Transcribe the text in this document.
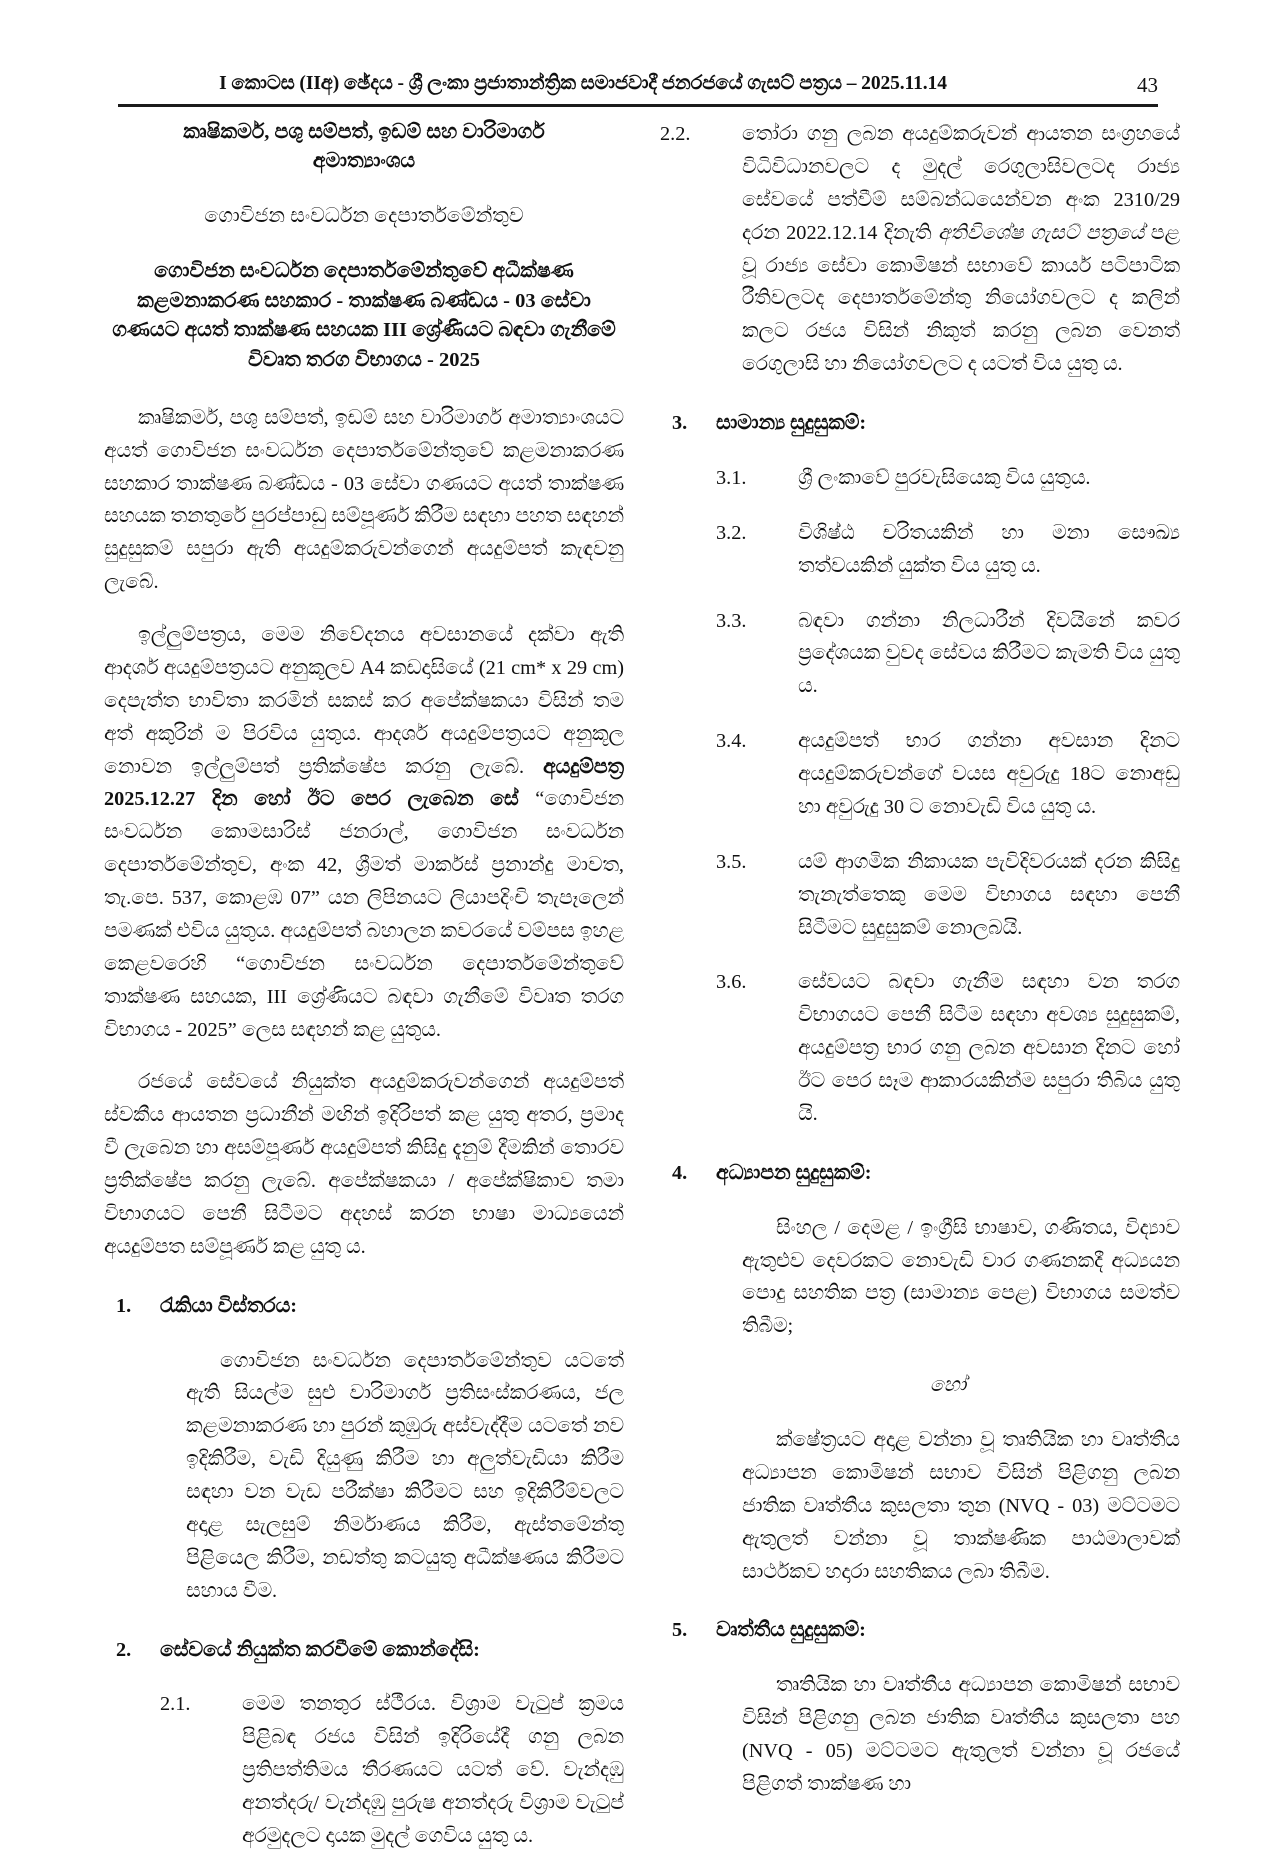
I කොටස (IIඅ) ඡේදය - ශ්‍රී ලංකා ප්‍රජාතාන්ත්‍රික සමාජවාදී ජනරජයේ ගැසට් පත්‍රය – 2025.11.14	43
කෘෂිකර්ම, පශු සම්පත්, ඉඩම් සහ වාරිමාර්ග අමාත්‍යාංශය
ගොවිජන සංවර්ධන දෙපාර්තමේන්තුව
ගොවිජන සංවර්ධන දෙපාර්තමේන්තුවේ අධීක්ෂණ කළමනාකරණ සහකාර - තාක්ෂණ බණ්ඩය - 03 සේවා ගණයට අයත් තාක්ෂණ සහයක III ශ්‍රේණියට බඳවා ගැනීමේ විවෘත තරග විභාගය - 2025

කෘෂිකර්ම, පශු සම්පත්, ඉඩම් සහ වාරිමාර්ග අමාත්‍යාංශයට අයත් ගොවිජන සංවර්ධන දෙපාර්තමේන්තුවේ කළමනාකරණ සහකාර තාක්ෂණ බණ්ඩය - 03 සේවා ගණයට අයත් තාක්ෂණ සහයක තනතුරේ පුරප්පාඩු සම්පූර්ණ කිරීම සඳහා පහත සඳහන් සුදුසුකම් සපුරා ඇති අයදුම්කරුවන්ගෙන් අයදුම්පත් කැඳවනු ලැබේ.

ඉල්ලුම්පත්‍රය, මෙම නිවේදනය අවසානයේ දක්වා ඇති ආදර්ශ අයදුම්පත්‍රයට අනුකූලව A4 කඩදාසියේ (21 cm* x 29 cm) දෙපැත්ත භාවිතා කරමින් සකස් කර අපේක්ෂකයා විසින් තම අත් අකුරින් ම පිරවිය යුතුය. ආදර්ශ අයදුම්පත්‍රයට අනුකූල නොවන ඉල්ලුම්පත් ප්‍රතික්ෂේප කරනු ලැබේ. අයදුම්පත්‍ර 2025.12.27 දින හෝ ඊට පෙර ලැබෙන සේ “ගොවිජන සංවර්ධන කොමසාරිස් ජනරාල්, ගොවිජන සංවර්ධන දෙපාර්තමේන්තුව, අංක 42, ශ්‍රීමත් මාර්කස් ප්‍රනාන්දු මාවත, තැ.පෙ. 537, කොළඹ 07” යන ලිපිනයට ලියාපදිංචි තැපෑලෙන් පමණක් එවිය යුතුය. අයදුම්පත් බහාලන කවරයේ වම්පස ඉහළ කෙළවරෙහි “ගොවිජන සංවර්ධන දෙපාර්තමේන්තුවේ තාක්ෂණ සහයක, III ශ්‍රේණියට බඳවා ගැනීමේ විවෘත තරග විභාගය - 2025” ලෙස සඳහන් කළ යුතුය.

රජයේ සේවයේ නියුක්ත අයදුම්කරුවන්ගෙන් අයදුම්පත් ස්වකීය ආයතන ප්‍රධානීන් මඟින් ඉදිරිපත් කළ යුතු අතර, ප්‍රමාද වී ලැබෙන හා අසම්පූර්ණ අයදුම්පත් කිසිදු දැනුම් දීමකින් තොරව ප්‍රතික්ෂේප කරනු ලැබේ. අපේක්ෂකයා / අපේක්ෂිකාව තමා විභාගයට පෙනී සිටීමට අදහස් කරන භාෂා මාධ්‍යයෙන් අයදුම්පත සම්පූර්ණ කළ යුතු ය.

1. රැකියා විස්තරය:
ගොවිජන සංවර්ධන දෙපාර්තමේන්තුව යටතේ ඇති සියල්ම සුළු වාරිමාර්ග ප්‍රතිසංස්කරණය, ජල කළමනාකරණ හා පුරන් කුඹුරු අස්වැද්දීම යටතේ නව ඉදිකිරීම, වැඩි දියුණු කිරීම හා අලුත්වැඩියා කිරීම සඳහා වන වැඩ පරීක්ෂා කිරීමට සහ ඉදිකිරීම්වලට අදාළ සැලසුම් නිර්මාණය කිරීම, ඇස්තමේන්තු පිළියෙල කිරීම, නඩත්තු කටයුතු අධීක්ෂණය කිරීමට සහාය වීම.
2. සේවයේ නියුක්ත කරවීමේ කොන්දේසි:
2.1.	මෙම තනතුර ස්ථීරය. විශ්‍රාම වැටුප් ක්‍රමය පිළිබඳ රජය විසින් ඉදිරියේදී ගනු ලබන ප්‍රතිපත්තිමය තීරණයට යටත් වේ. වැන්දඹු අනත්දරු/ වැන්දඹු පුරුෂ අනත්දරු විශ්‍රාම වැටුප් අරමුදලට දායක මුදල් ගෙවිය යුතු ය.
2.2.	තෝරා ගනු ලබන අයදුම්කරුවන් ආයතන සංග්‍රහයේ විධිවිධානවලට ද මුදල් රෙගුලාසිවලටද රාජ්‍ය සේවයේ පත්වීම් සම්බන්ධයෙන්වන අංක 2310/29 දරන 2022.12.14 දිනැති අතිවිශේෂ ගැසට් පත්‍රයේ පළ වූ රාජ්‍ය සේවා කොමිෂන් සභාවේ කාර්ය පටිපාටික රීතිවලටද දෙපාර්තමේන්තු නියෝගවලට ද කලින් කලට රජය විසින් නිකුත් කරනු ලබන වෙනත් රෙගුලාසි හා නියෝගවලට ද යටත් විය යුතු ය.
3. සාමාන්‍ය සුදුසුකම්:
3.1.	ශ්‍රී ලංකාවේ පුරවැසියෙකු විය යුතුය.
3.2.	විශිෂ්ඨ චරිතයකින් හා මනා සෞඛ්‍ය තත්වයකින් යුක්ත විය යුතු ය.
3.3.	බඳවා ගන්නා නිලධාරීන් දිවයිනේ කවර ප්‍රදේශයක වුවද සේවය කිරීමට කැමති විය යුතු ය.
3.4.	අයදුම්පත් භාර ගන්නා අවසාන දිනට අයදුම්කරුවන්ගේ වයස අවුරුදු 18ට නොඅඩු හා අවුරුදු 30 ට නොවැඩි විය යුතු ය.
3.5.	යම් ආගමික නිකායක පැවිදිවරයක් දරන කිසිදු තැනැත්තෙකු මෙම විභාගය සඳහා පෙනී සිටීමට සුදුසුකම් නොලබයි.
3.6.	සේවයට බඳවා ගැනීම සඳහා වන තරග විභාගයට පෙනී සිටීම සඳහා අවශ්‍ය සුදුසුකම්, අයදුම්පත්‍ර භාර ගනු ලබන අවසාන දිනට හෝ ඊට පෙර සෑම ආකාරයකින්ම සපුරා තිබිය යුතු යි.
4. අධ්‍යාපන සුදුසුකම්:
සිංහල / දෙමළ / ඉංග්‍රීසි භාෂාව, ගණිතය, විද්‍යාව ඇතුළුව දෙවරකට නොවැඩි වාර ගණනකදී අධ්‍යයන පොදු සහතික පත්‍ර (සාමාන්‍ය පෙළ) විභාගය සමත්ව තිබීම;
හෝ
ක්ෂේත්‍රයට අදාළ වන්නා වූ තෘතියික හා වෘත්තීය අධ්‍යාපන කොමිෂන් සභාව විසින් පිළිගනු ලබන ජාතික වෘත්තීය කුසලතා තුන (NVQ - 03) මට්ටමට ඇතුලත් වන්නා වූ තාක්ෂණික පාඨමාලාවක් සාර්ථකව හදාරා සහතිකය ලබා තිබීම.
5. වෘත්තීය සුදුසුකම්:
තෘතියික හා වෘත්තීය අධ්‍යාපන කොමිෂන් සභාව විසින් පිළිගනු ලබන ජාතික වෘත්තීය කුසලතා පහ (NVQ - 05) මට්ටමට ඇතුලත් වන්නා වූ රජයේ පිළිගත් තාක්ෂණ හා
